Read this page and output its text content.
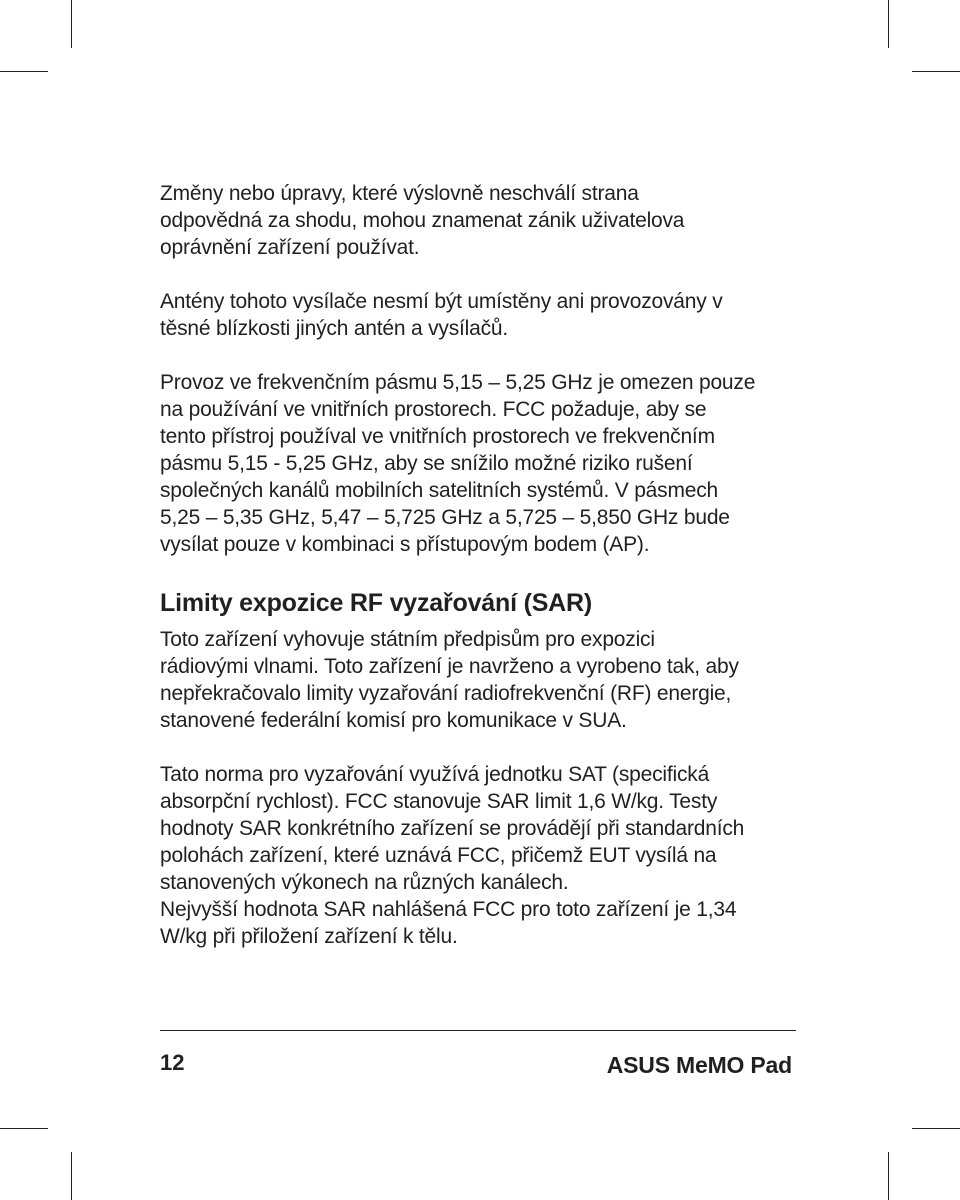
Změny nebo úpravy, které výslovně neschválí strana
odpovědná za shodu, mohou znamenat zánik uživatelova
oprávnění zařízení používat.

Antény tohoto vysílače nesmí být umístěny ani provozovány v
těsné blízkosti jiných antén a vysílačů.

Provoz ve frekvenčním pásmu 5,15 – 5,25 GHz je omezen pouze
na používání ve vnitřních prostorech. FCC požaduje, aby se
tento přístroj používal ve vnitřních prostorech ve frekvenčním
pásmu 5,15 - 5,25 GHz, aby se snížilo možné riziko rušení
společných kanálů mobilních satelitních systémů. V pásmech
5,25 – 5,35 GHz, 5,47 – 5,725 GHz a 5,725 – 5,850 GHz bude
vysílat pouze v kombinaci s přístupovým bodem (AP).

Limity expozice RF vyzařování (SAR)

Toto zařízení vyhovuje státním předpisům pro expozici
rádiovými vlnami. Toto zařízení je navrženo a vyrobeno tak, aby
nepřekračovalo limity vyzařování radiofrekvenční (RF) energie,
stanovené federální komisí pro komunikace v SUA.

Tato norma pro vyzařování využívá jednotku SAT (specifická
absorpční rychlost). FCC stanovuje SAR limit 1,6 W/kg. Testy
hodnoty SAR konkrétního zařízení se provádějí při standardních
polohách zařízení, které uznává FCC, přičemž EUT vysílá na
stanovených výkonech na různých kanálech.

Nejvyšší hodnota SAR nahlášená FCC pro toto zařízení je 1,34
W/kg při přiložení zařízení k tělu.

12	ASUS MeMO Pad
